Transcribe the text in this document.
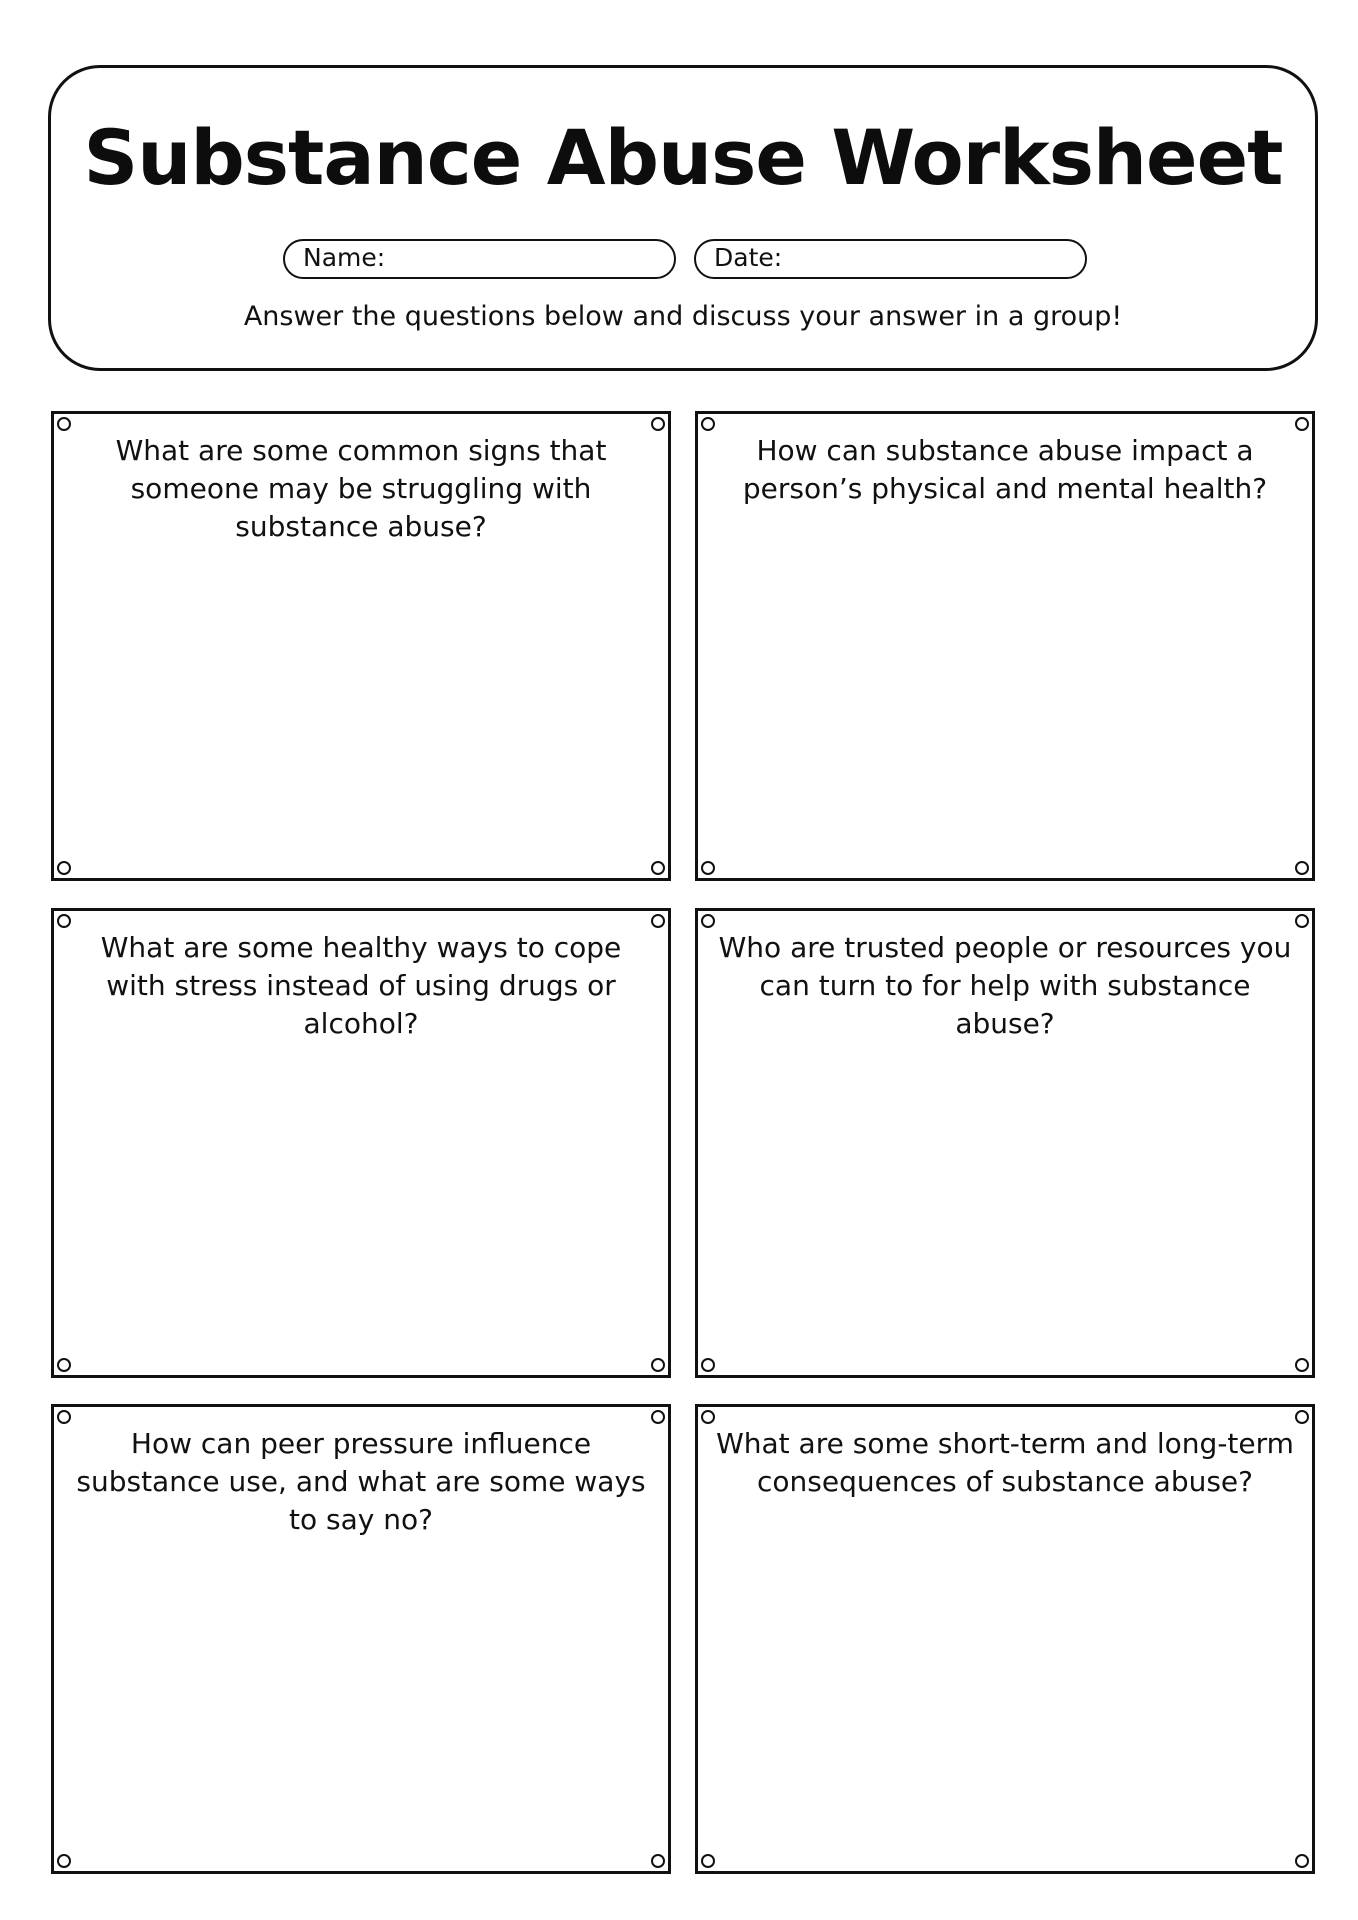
Substance Abuse Worksheet
Name:	Date:
Answer the questions below and discuss your answer in a group!
What are some common signs that someone may be struggling with substance abuse?
How can substance abuse impact a person’s physical and mental health?
What are some healthy ways to cope with stress instead of using drugs or alcohol?
Who are trusted people or resources you can turn to for help with substance abuse?
How can peer pressure influence substance use, and what are some ways to say no?
What are some short-term and long-term consequences of substance abuse?
